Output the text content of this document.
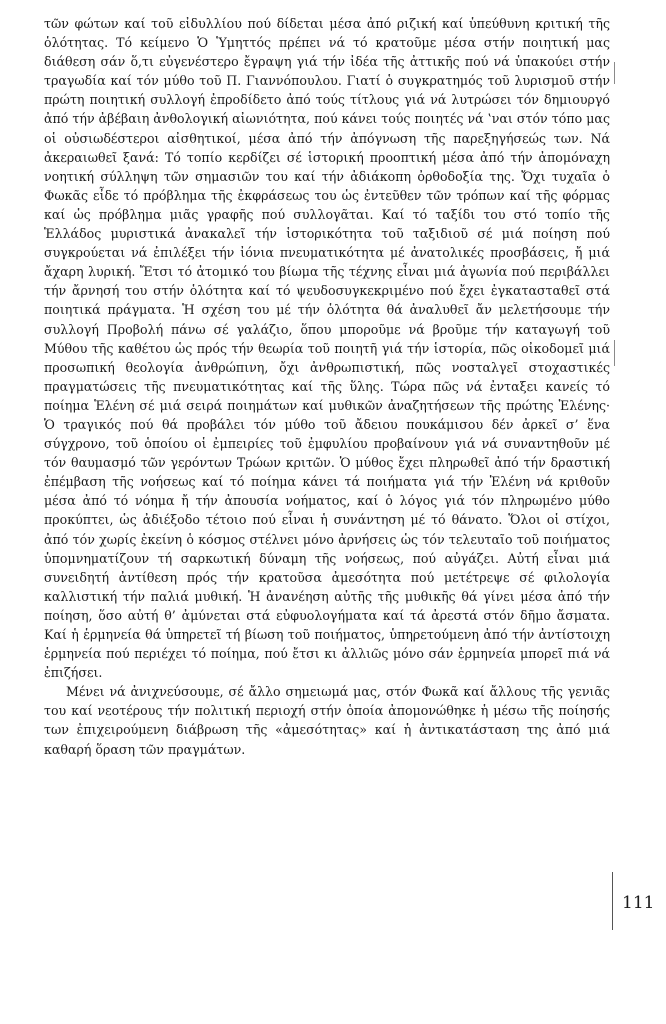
τῶν φώτων καί τοῦ εἰδυλλίου πού δίδεται μέσα ἀπό ριζική καί ὑπεύθυνη κριτική τῆς ὁλότητας. Τό κείμενο Ὁ Ὑμηττός πρέπει νά τό κρατοῦμε μέσα στήν ποιητική μας διάθεση σάν ὅ,τι εὐγενέστερο ἔγραψη γιά τήν ἰδέα τῆς ἀττικῆς πού νά ὑπακούει στήν τραγωδία καί τόν μύθο τοῦ Π. Γιαννόπουλου. Γιατί ὁ συγκρατημός τοῦ λυρισμοῦ στήν πρώτη ποιητική συλλογή ἐπροδίδετο ἀπό τούς τίτλους γιά νά λυτρώσει τόν δημιουργό ἀπό τήν ἀβέβαιη ἀνθολογική αἰωνιότητα, πού κάνει τούς ποιητές νά ‛ναι στόν τόπο μας οἱ οὐσιωδέστεροι αἰσθητικοί, μέσα ἀπό τήν ἀπόγνωση τῆς παρεξηγήσεώς των. Νά ἀκεραιωθεῖ ξανά: Τό τοπίο κερδίζει σέ ἱστορική προοπτική μέσα ἀπό τήν ἀπομόναχη νοητική σύλληψη τῶν σημασιῶν του καί τήν ἀδιάκοπη ὀρθοδοξία της. Ὄχι τυχαῖα ὁ Φωκᾶς εἶδε τό πρόβλημα τῆς ἐκφράσεως του ὡς ἐντεῦθεν τῶν τρόπων καί τῆς φόρμας καί ὡς πρόβλημα μιᾶς γραφῆς πού συλλογᾶται. Καί τό ταξίδι του στό τοπίο τῆς Ἑλλάδος μυριστικά ἀνακαλεῖ τήν ἱστορικότητα τοῦ ταξιδιοῦ σέ μιά ποίηση πού συγκρούεται νά ἐπιλέξει τήν ἰόνια πνευματικότητα μέ ἀνατολικές προσβάσεις, ἤ μιά ἄχαρη λυρική. Ἔτσι τό ἀτομικό του βίωμα τῆς τέχνης εἶναι μιά ἀγωνία πού περιβάλλει τήν ἄρνησή του στήν ὁλότητα καί τό ψευδοσυγκεκριμένο πού ἔχει ἐγκατασταθεῖ στά ποιητικά πράγματα. Ἡ σχέση του μέ τήν ὁλότητα θά ἀναλυθεῖ ἄν μελετήσουμε τήν συλλογή Προβολή πάνω σέ γαλάζιο, ὅπου μποροῦμε νά βροῦμε τήν καταγωγή τοῦ Μύθου τῆς καθέτου ὡς πρός τήν θεωρία τοῦ ποιητῆ γιά τήν ἱστορία, πῶς οἰκοδομεῖ μιά προσωπική θεολογία ἀνθρώπινη, ὄχι ἀνθρωπιστική, πῶς νοσταλγεῖ στοχαστικές πραγματώσεις τῆς πνευματικότητας καί τῆς ὕλης. Τώρα πῶς νά ἐνταξει κανείς τό ποίημα Ἑλένη σέ μιά σειρά ποιημάτων καί μυθικῶν ἀναζητήσεων τῆς πρώτης Ἑλένης· Ὁ τραγικός πού θά προβάλει τόν μύθο τοῦ ἄδειου πουκάμισου δέν ἀρκεῖ σ’ ἕνα σύγχρονο, τοῦ ὁποίου οἱ ἐμπειρίες τοῦ ἐμφυλίου προβαίνουν γιά νά συναντηθοῦν μέ τόν θαυμασμό τῶν γερόντων Τρώων κριτῶν. Ὁ μύθος ἔχει πληρωθεῖ ἀπό τήν δραστική ἐπέμβαση τῆς νοήσεως καί τό ποίημα κάνει τά ποιήματα γιά τήν Ἑλένη νά κριθοῦν μέσα ἀπό τό νόημα ἤ τήν ἀπουσία νοήματος, καί ὁ λόγος γιά τόν πληρωμένο μύθο προκύπτει, ὡς ἀδιέξοδο τέτοιο πού εἶναι ἡ συνάντηση μέ τό θάνατο. Ὅλοι οἱ στίχοι, ἀπό τόν χωρίς ἐκείνη ὁ κόσμος στέλνει μόνο ἀρνήσεις ὡς τόν τελευταῖο τοῦ ποιήματος ὑπομνηματίζουν τή σαρκωτική δύναμη τῆς νοήσεως, πού αὐγάζει. Αὐτή εἶναι μιά συνειδητή ἀντίθεση πρός τήν κρατοῦσα ἀμεσότητα πού μετέτρεψε σέ φιλολογία καλλιστική τήν παλιά μυθική. Ἡ ἀνανέηση αὐτῆς τῆς μυθικῆς θά γίνει μέσα ἀπό τήν ποίηση, ὅσο αὐτή θ’ ἀμύνεται στά εὐφυολογήματα καί τά ἀρεστά στόν δῆμο ἄσματα. Καί ἡ ἑρμηνεία θά ὑπηρετεῖ τή βίωση τοῦ ποιήματος, ὑπηρετούμενη ἀπό τήν ἀντίστοιχη ἑρμηνεία πού περιέχει τό ποίημα, πού ἔτσι κι ἀλλιῶς μόνο σάν ἑρμηνεία μπορεῖ πιά νά ἐπιζήσει.

Μένει νά ἀνιχνεύσουμε, σέ ἄλλο σημειωμά μας, στόν Φωκᾶ καί ἄλλους τῆς γενιᾶς του καί νεοτέρους τήν πολιτική περιοχή στήν ὁποία ἀπομονώθηκε ἡ μέσω τῆς ποίησής των ἐπιχειρούμενη διάβρωση τῆς «ἀμεσότητας» καί ἡ ἀντικατάσταση της ἀπό μιά καθαρή ὅραση τῶν πραγμάτων.

111
